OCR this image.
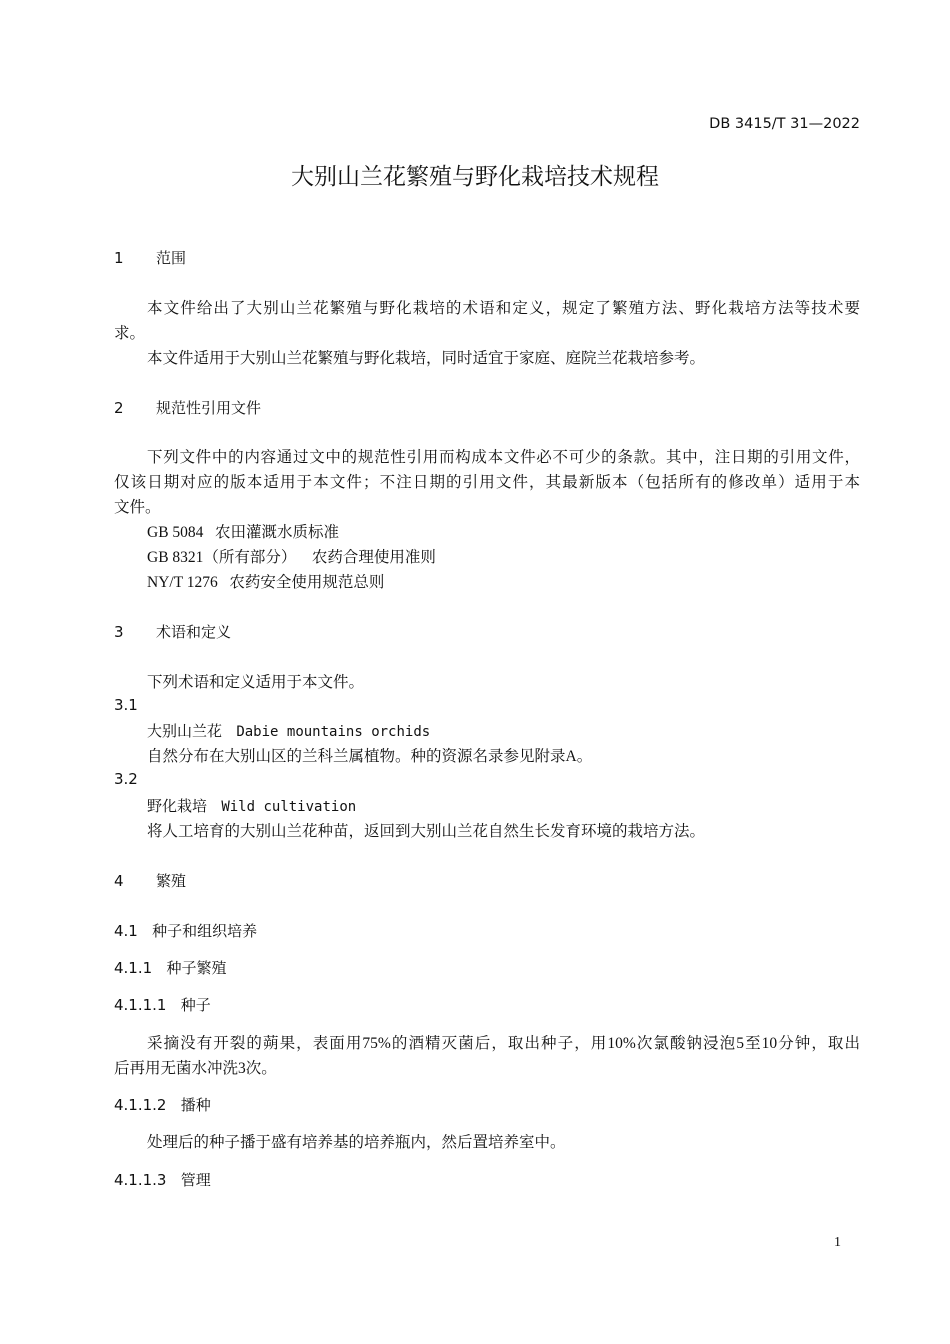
DB 3415/T 31—2022
大别山兰花繁殖与野化栽培技术规程
1 范围
本文件给出了大别山兰花繁殖与野化栽培的术语和定义，规定了繁殖方法、野化栽培方法等技术要
求。
本文件适用于大别山兰花繁殖与野化栽培，同时适宜于家庭、庭院兰花栽培参考。
2 规范性引用文件
下列文件中的内容通过文中的规范性引用而构成本文件必不可少的条款。其中，注日期的引用文件，
仅该日期对应的版本适用于本文件；不注日期的引用文件，其最新版本（包括所有的修改单）适用于本
文件。
GB 5084 农田灌溉水质标准
GB 8321（所有部分） 农药合理使用准则
NY/T 1276 农药安全使用规范总则
3 术语和定义
下列术语和定义适用于本文件。
3.1
大别山兰花 Dabie mountains orchids
自然分布在大别山区的兰科兰属植物。种的资源名录参见附录A。
3.2
野化栽培 Wild cultivation
将人工培育的大别山兰花种苗，返回到大别山兰花自然生长发育环境的栽培方法。
4 繁殖
4.1 种子和组织培养
4.1.1 种子繁殖
4.1.1.1 种子
采摘没有开裂的蒴果，表面用75%的酒精灭菌后，取出种子，用10%次氯酸钠浸泡5至10分钟，取出
后再用无菌水冲洗3次。
4.1.1.2 播种
处理后的种子播于盛有培养基的培养瓶内，然后置培养室中。
4.1.1.3 管理
1
